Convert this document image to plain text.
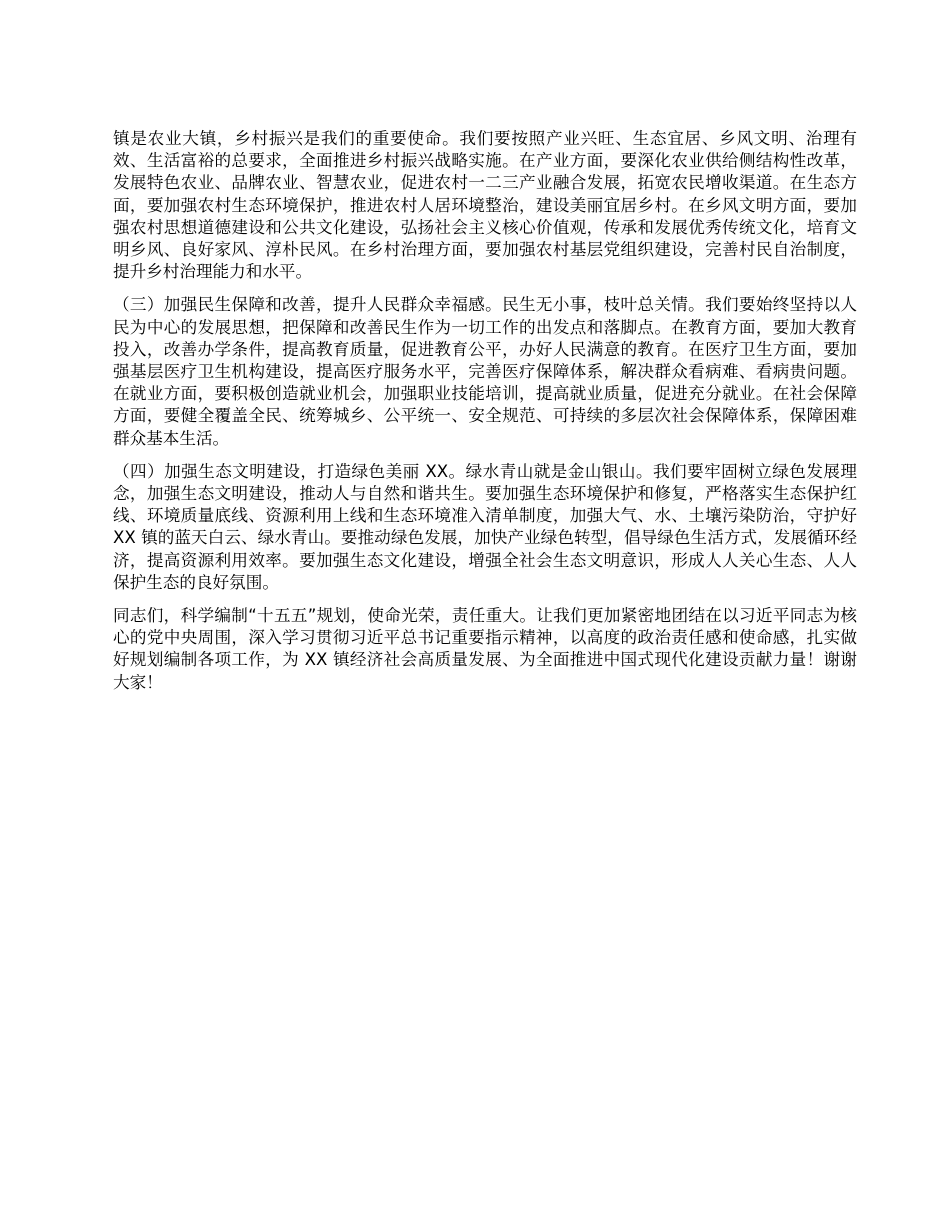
镇是农业大镇，乡村振兴是我们的重要使命。我们要按照产业兴旺、生态宜居、乡风文明、治理有效、生活富裕的总要求，全面推进乡村振兴战略实施。在产业方面，要深化农业供给侧结构性改革，发展特色农业、品牌农业、智慧农业，促进农村一二三产业融合发展，拓宽农民增收渠道。在生态方面，要加强农村生态环境保护，推进农村人居环境整治，建设美丽宜居乡村。在乡风文明方面，要加强农村思想道德建设和公共文化建设，弘扬社会主义核心价值观，传承和发展优秀传统文化，培育文明乡风、良好家风、淳朴民风。在乡村治理方面，要加强农村基层党组织建设，完善村民自治制度，提升乡村治理能力和水平。

（三）加强民生保障和改善，提升人民群众幸福感。民生无小事，枝叶总关情。我们要始终坚持以人民为中心的发展思想，把保障和改善民生作为一切工作的出发点和落脚点。在教育方面，要加大教育投入，改善办学条件，提高教育质量，促进教育公平，办好人民满意的教育。在医疗卫生方面，要加强基层医疗卫生机构建设，提高医疗服务水平，完善医疗保障体系，解决群众看病难、看病贵问题。在就业方面，要积极创造就业机会，加强职业技能培训，提高就业质量，促进充分就业。在社会保障方面，要健全覆盖全民、统筹城乡、公平统一、安全规范、可持续的多层次社会保障体系，保障困难群众基本生活。

（四）加强生态文明建设，打造绿色美丽 XX。绿水青山就是金山银山。我们要牢固树立绿色发展理念，加强生态文明建设，推动人与自然和谐共生。要加强生态环境保护和修复，严格落实生态保护红线、环境质量底线、资源利用上线和生态环境准入清单制度，加强大气、水、土壤污染防治，守护好 XX 镇的蓝天白云、绿水青山。要推动绿色发展，加快产业绿色转型，倡导绿色生活方式，发展循环经济，提高资源利用效率。要加强生态文化建设，增强全社会生态文明意识，形成人人关心生态、人人保护生态的良好氛围。

同志们，科学编制“十五五”规划，使命光荣，责任重大。让我们更加紧密地团结在以习近平同志为核心的党中央周围，深入学习贯彻习近平总书记重要指示精神，以高度的政治责任感和使命感，扎实做好规划编制各项工作，为 XX 镇经济社会高质量发展、为全面推进中国式现代化建设贡献力量！谢谢大家！
